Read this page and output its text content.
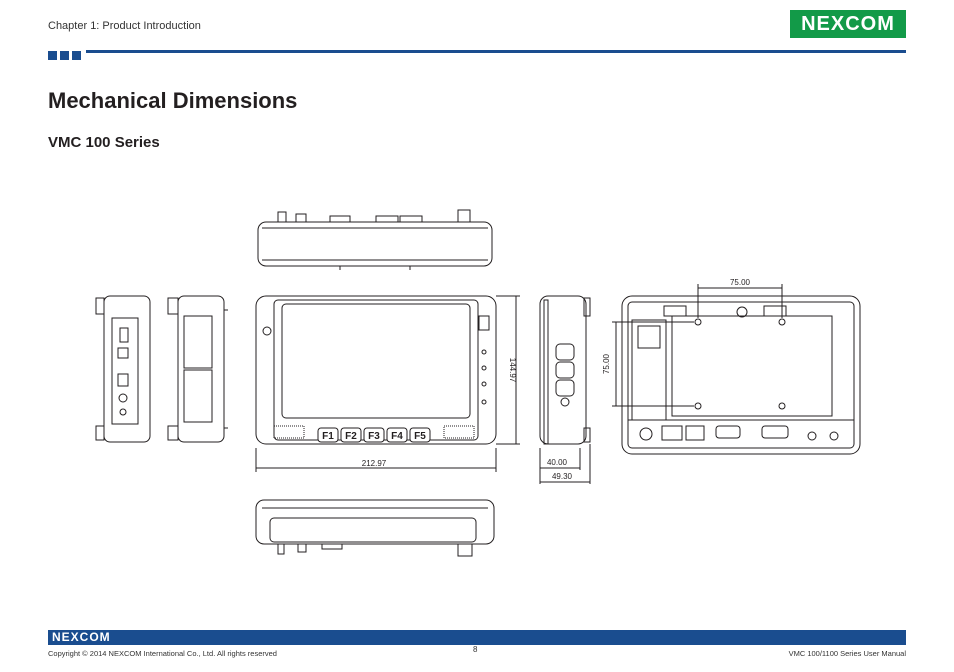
Chapter 1: Product Introduction	NEXCOM
Mechanical Dimensions
VMC 100 Series
F1 F2 F3 F4 F5
212.97
144.97
40.00
49.30
75.00
75.00
NEXCOM
Copyright © 2014 NEXCOM International Co., Ltd. All rights reserved	8	VMC 100/1100 Series User Manual
